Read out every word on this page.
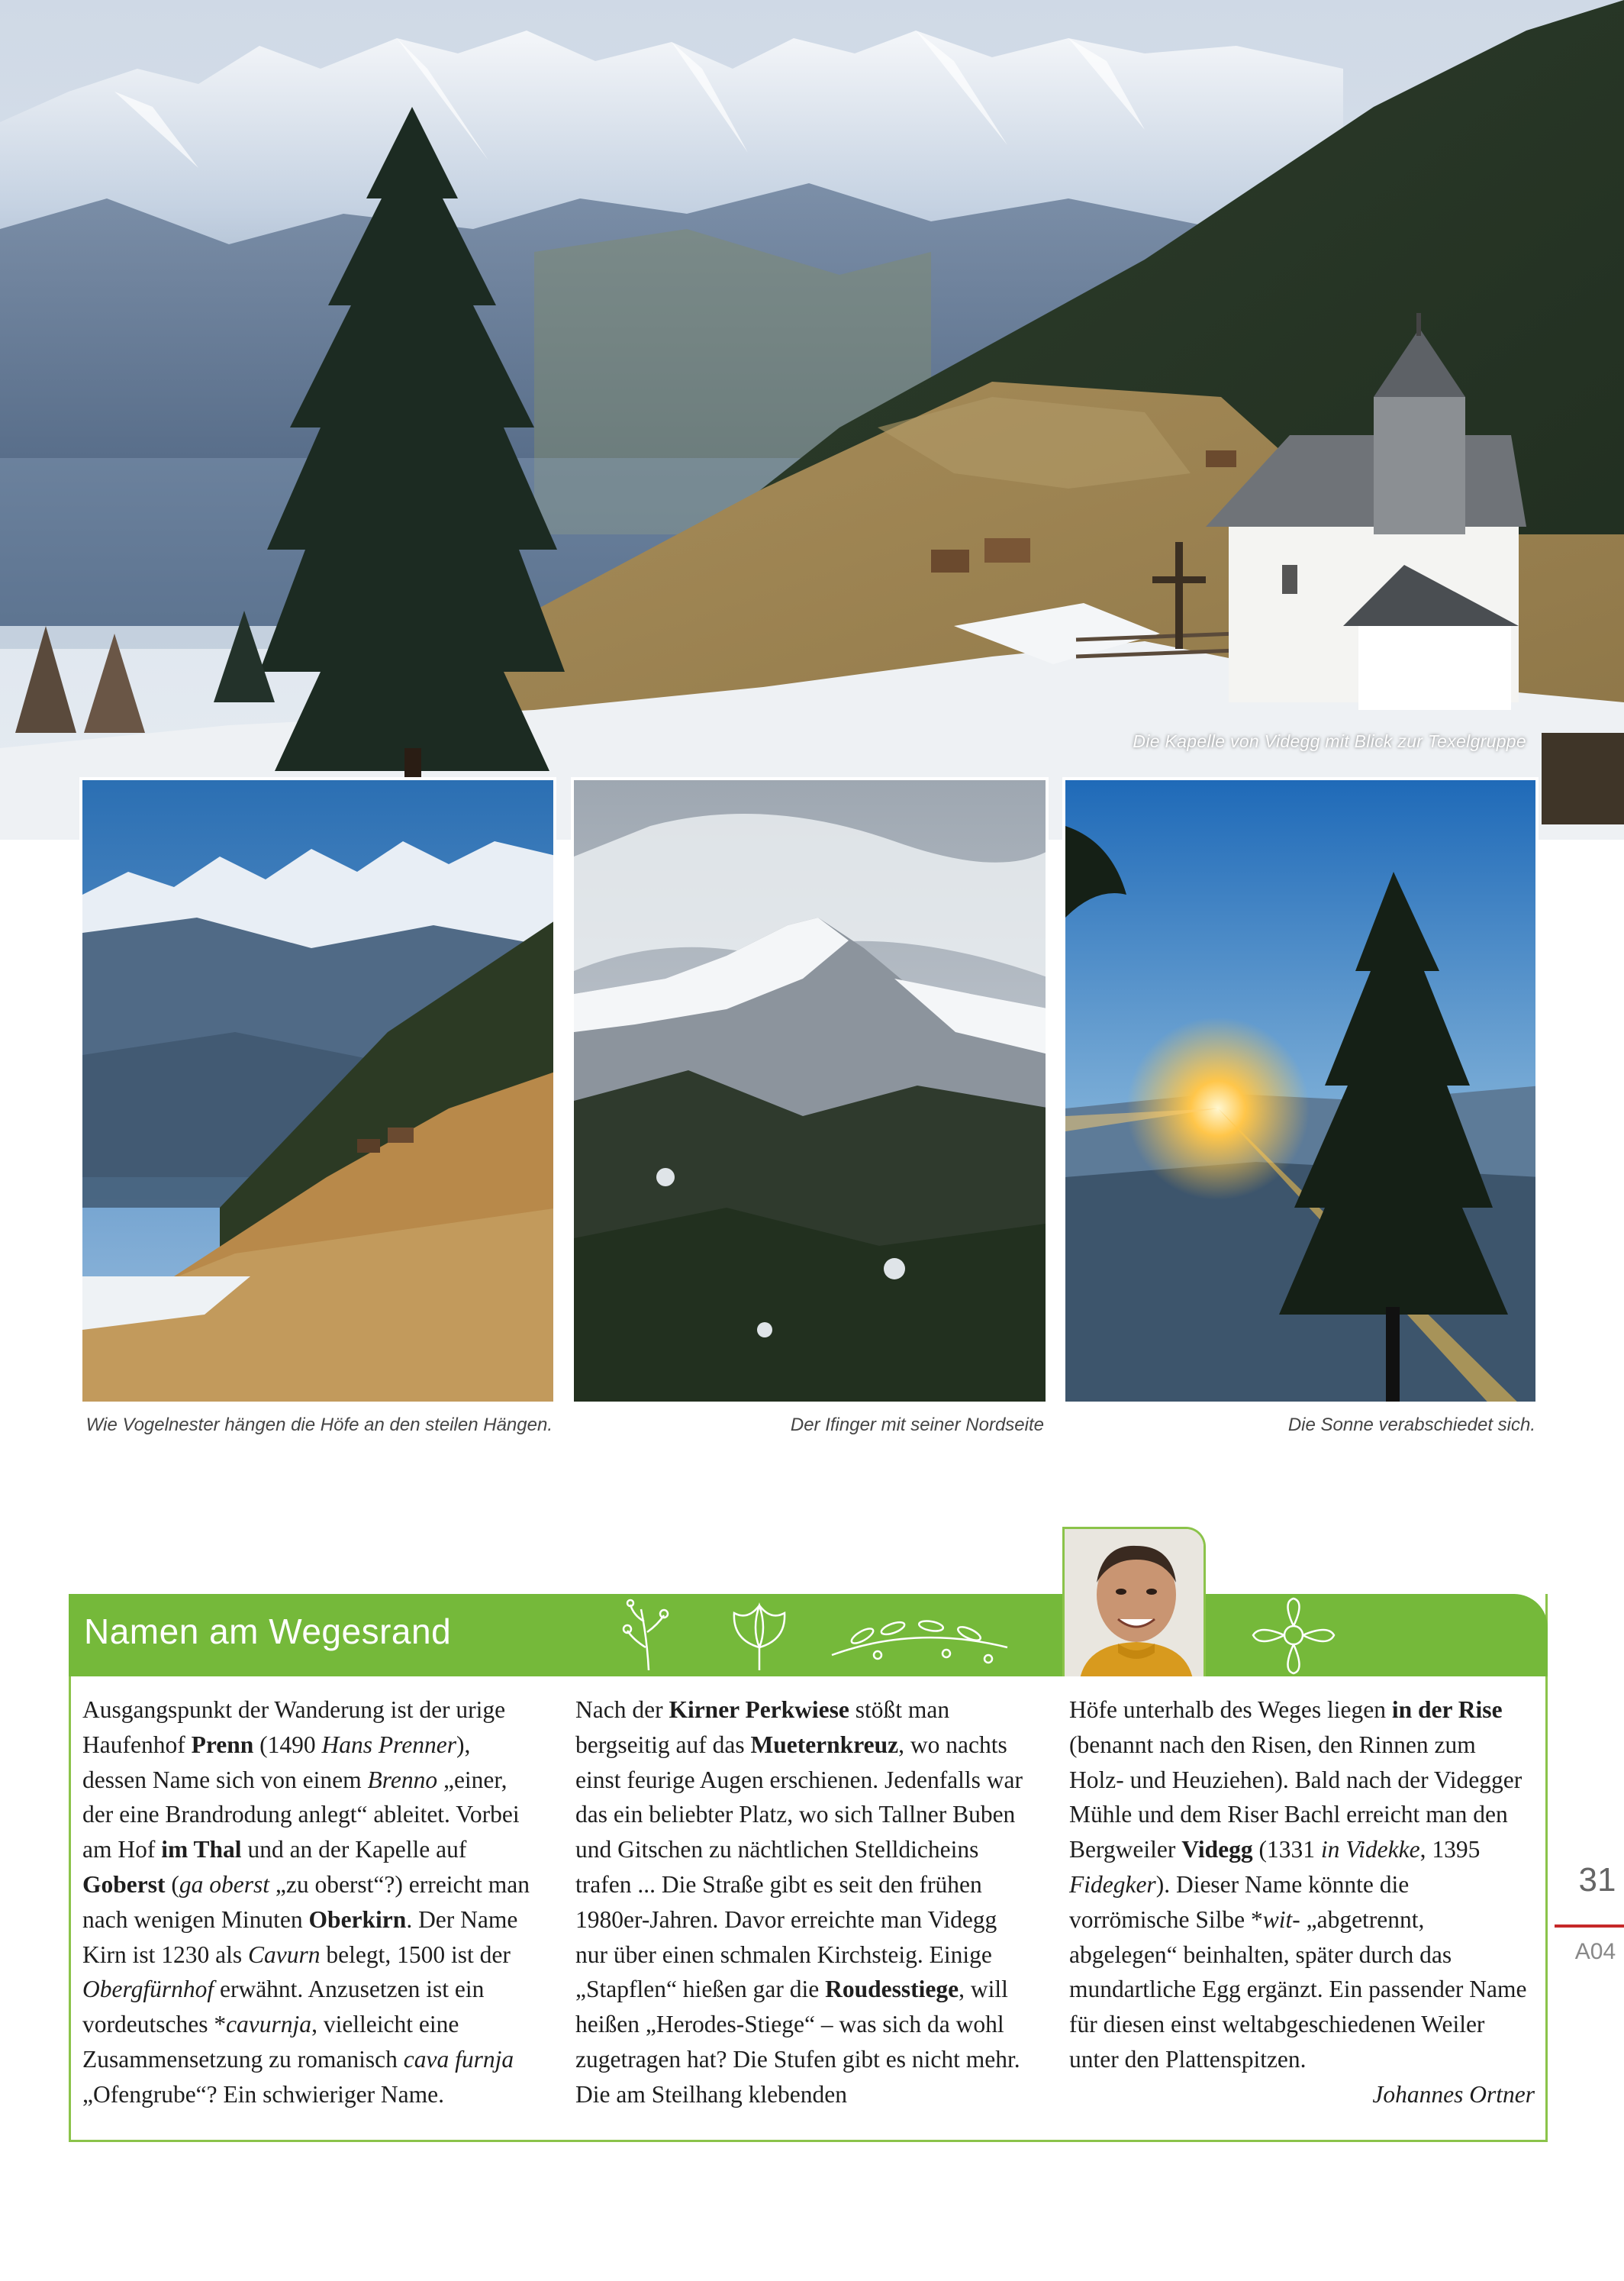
Die Kapelle von Videgg mit Blick zur Texelgruppe
Wie Vogelnester hängen die Höfe an den steilen Hängen.	Der Ifinger mit seiner Nordseite	Die Sonne verabschiedet sich.
Namen am Wegesrand
Ausgangspunkt der Wanderung ist der urige Haufenhof Prenn (1490 Hans Prenner), dessen Name sich von einem Brenno „einer, der eine Brandrodung anlegt“ ableitet. Vorbei am Hof im Thal und an der Kapelle auf Goberst (ga oberst „zu oberst“?) erreicht man nach wenigen Minuten Oberkirn. Der Name Kirn ist 1230 als Cavurn belegt, 1500 ist der Obergfürnhof erwähnt. Anzusetzen ist ein vordeutsches *cavurnja, vielleicht eine Zusammensetzung zu romanisch cava furnja „Ofengrube“? Ein schwieriger Name.
Nach der Kirner Perkwiese stößt man bergseitig auf das Mueternkreuz, wo nachts einst feurige Augen erschienen. Jedenfalls war das ein beliebter Platz, wo sich Tallner Buben und Gitschen zu nächtlichen Stelldicheins trafen ... Die Straße gibt es seit den frühen 1980er-Jahren. Davor erreichte man Videgg nur über einen schmalen Kirchsteig. Einige „Stapflen“ hießen gar die Roudesstiege, will heißen „Herodes-Stiege“ – was sich da wohl zugetragen hat? Die Stufen gibt es nicht mehr. Die am Steilhang klebenden
Höfe unterhalb des Weges liegen in der Rise (benannt nach den Risen, den Rinnen zum Holz- und Heuziehen). Bald nach der Videgger Mühle und dem Riser Bachl erreicht man den Bergweiler Videgg (1331 in Videkke, 1395 Fidegker). Dieser Name könnte die vorrömische Silbe *wit- „abgetrennt, abgelegen“ beinhalten, später durch das mundartliche Egg ergänzt. Ein passender Name für diesen einst weltabgeschiedenen Weiler unter den Plattenspitzen.
Johannes Ortner
31
A04
